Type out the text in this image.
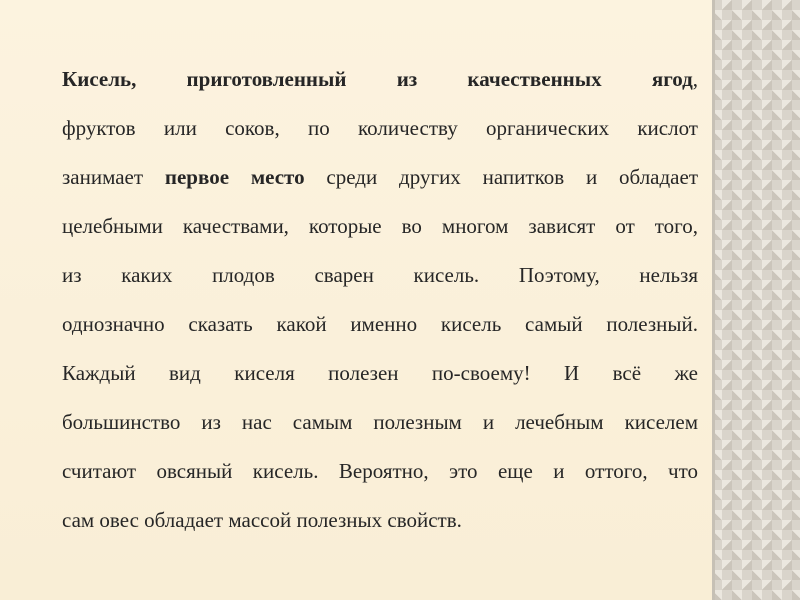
Кисель, приготовленный из качественных ягод,
фруктов или соков, по количеству органических кислот
занимает первое место среди других напитков и обладает
целебными качествами, которые во многом зависят от того,
из каких плодов сварен кисель. Поэтому, нельзя
однозначно сказать какой именно кисель самый полезный.
Каждый вид киселя полезен по-своему! И всё же
большинство из нас самым полезным и лечебным киселем
считают овсяный кисель. Вероятно, это еще и оттого, что
сам овес обладает массой полезных свойств.
